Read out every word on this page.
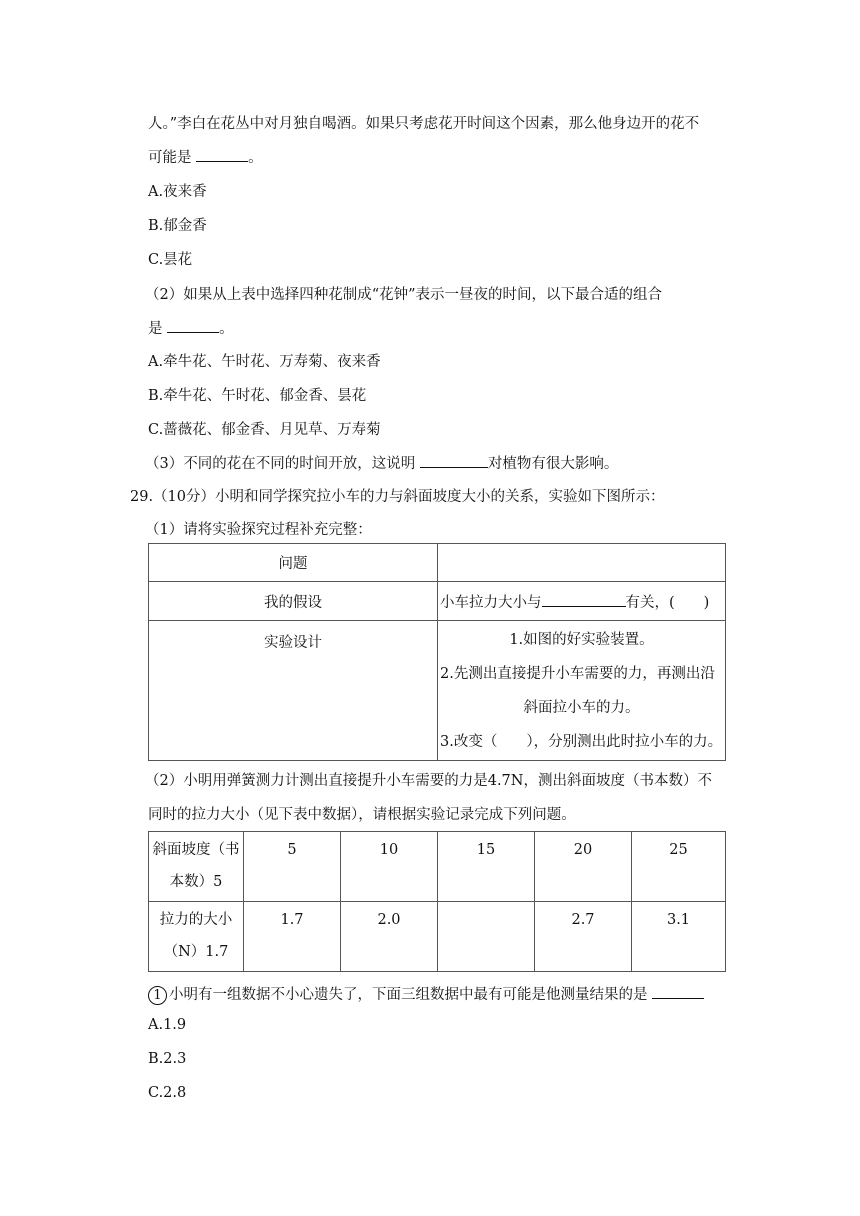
人。”李白在花丛中对月独自喝酒。如果只考虑花开时间这个因素，那么他身边开的花不
可能是	。
A.夜来香
B.郁金香
C.昙花
（2）如果从上表中选择四种花制成“花钟”表示一昼夜的时间，以下最合适的组合
是	。
A.牵牛花、午时花、万寿菊、夜来香
B.牵牛花、午时花、郁金香、昙花
C.蔷薇花、郁金香、月见草、万寿菊
（3）不同的花在不同的时间开放，这说明	对植物有很大影响。
29.（10分）小明和同学探究拉小车的力与斜面坡度大小的关系，实验如下图所示：
（1）请将实验探究过程补充完整：
问题	
我的假设	小车拉力大小与 有关，(　　)
实验设计	1.如图的好实验装置。
2.先测出直接提升小车需要的力，再测出沿
斜面拉小车的力。
3.改变（　　），分别测出此时拉小车的力。
（2）小明用弹簧测力计测出直接提升小车需要的力是4.7N，测出斜面坡度（书本数）不
同时的拉力大小（见下表中数据），请根据实验记录完成下列问题。
斜面坡度（书
本数）5	5	10	15	20	25

拉力的大小
（N）1.7	1.7	2.0		2.7	3.1
1 小明有一组数据不小心遗失了，下面三组数据中最有可能是他测量结果的是
A.1.9
B.2.3
C.2.8
